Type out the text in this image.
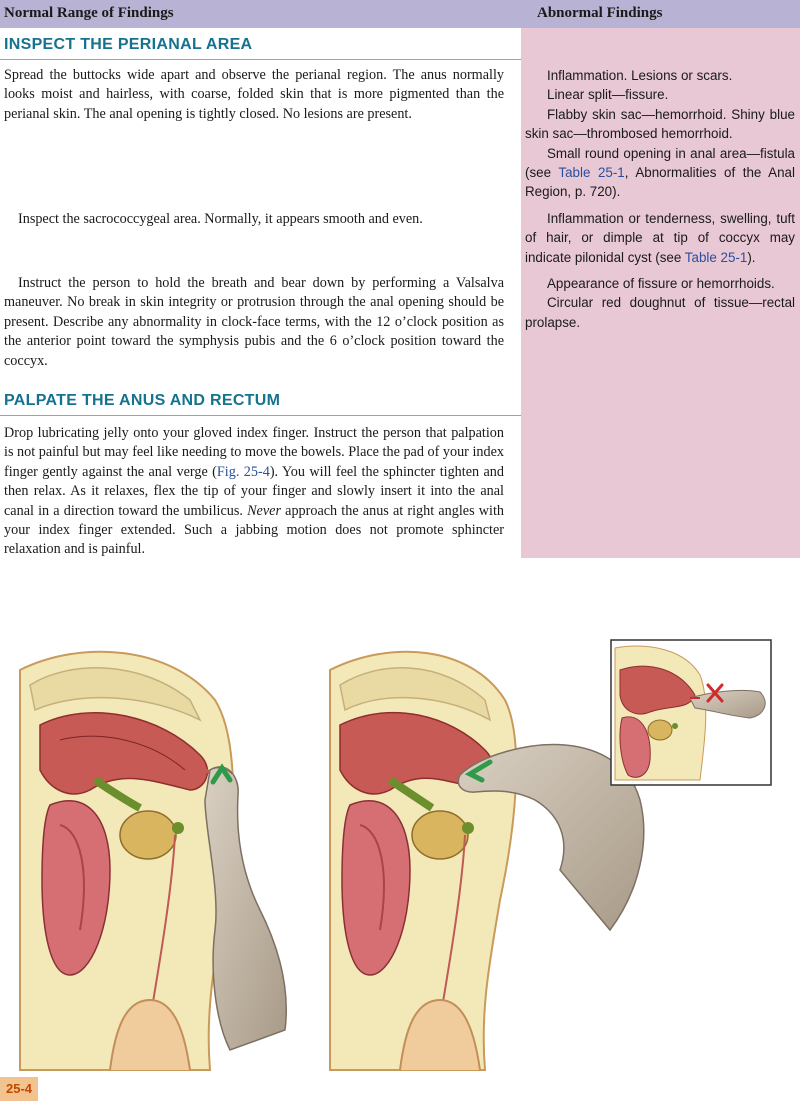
Normal Range of Findings	Abnormal Findings
INSPECT THE PERIANAL AREA
Spread the buttocks wide apart and observe the perianal region. The anus normally looks moist and hairless, with coarse, folded skin that is more pigmented than the perianal skin. The anal opening is tightly closed. No lesions are present.
Inspect the sacrococcygeal area. Normally, it appears smooth and even.
Instruct the person to hold the breath and bear down by performing a Valsalva maneuver. No break in skin integrity or protrusion through the anal opening should be present. Describe any abnormality in clock-face terms, with the 12 o’clock position as the anterior point toward the symphysis pubis and the 6 o’clock position toward the coccyx.
PALPATE THE ANUS AND RECTUM
Drop lubricating jelly onto your gloved index finger. Instruct the person that palpation is not painful but may feel like needing to move the bowels. Place the pad of your index finger gently against the anal verge (Fig. 25-4). You will feel the sphincter tighten and then relax. As it relaxes, flex the tip of your finger and slowly insert it into the anal canal in a direction toward the umbilicus. Never approach the anus at right angles with your index finger extended. Such a jabbing motion does not promote sphincter relaxation and is painful.

Inflammation. Lesions or scars.

Linear split—fissure.

Flabby skin sac—hemorrhoid. Shiny blue skin sac—thrombosed hemorrhoid.

Small round opening in anal area—fistula (see Table 25-1, Abnormalities of the Anal Region, p. 720).

Inflammation or tenderness, swelling, tuft of hair, or dimple at tip of coccyx may indicate pilonidal cyst (see Table 25-1).

Appearance of fissure or hemorrhoids.

Circular red doughnut of tissue—rectal prolapse.

25-4
